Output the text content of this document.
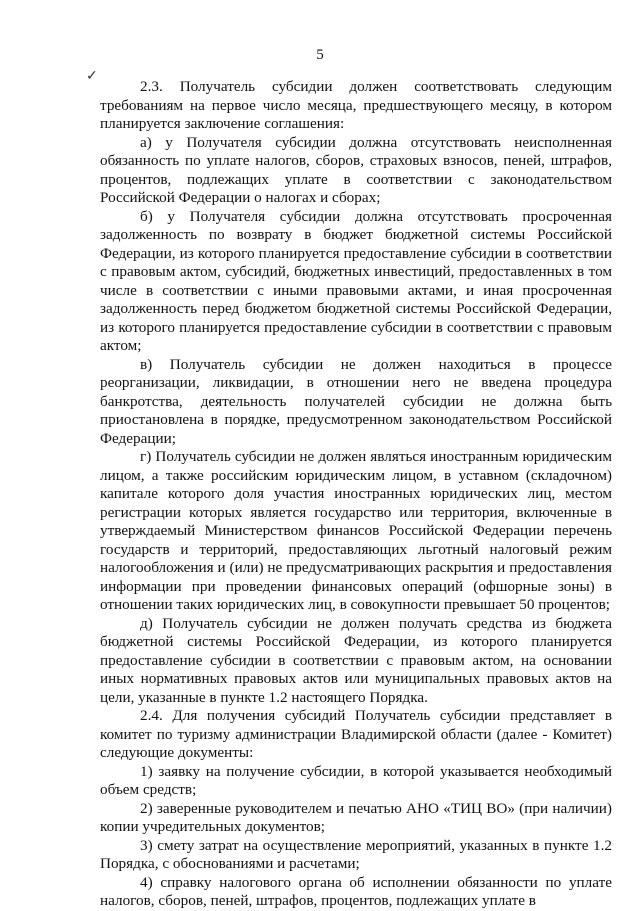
5
✓

2.3. Получатель субсидии должен соответствовать следующим требованиям на первое число месяца, предшествующего месяцу, в котором планируется заключение соглашения:

а) у Получателя субсидии должна отсутствовать неисполненная обязанность по уплате налогов, сборов, страховых взносов, пеней, штрафов, процентов, подлежащих уплате в соответствии с законодательством Российской Федерации о налогах и сборах;

б) у Получателя субсидии должна отсутствовать просроченная задолженность по возврату в бюджет бюджетной системы Российской Федерации, из которого планируется предоставление субсидии в соответствии с правовым актом, субсидий, бюджетных инвестиций, предоставленных в том числе в соответствии с иными правовыми актами, и иная просроченная задолженность перед бюджетом бюджетной системы Российской Федерации, из которого планируется предоставление субсидии в соответствии с правовым актом;

в) Получатель субсидии не должен находиться в процессе реорганизации, ликвидации, в отношении него не введена процедура банкротства, деятельность получателей субсидии не должна быть приостановлена в порядке, предусмотренном законодательством Российской Федерации;

г) Получатель субсидии не должен являться иностранным юридическим лицом, а также российским юридическим лицом, в уставном (складочном) капитале которого доля участия иностранных юридических лиц, местом регистрации которых является государство или территория, включенные в утверждаемый Министерством финансов Российской Федерации перечень государств и территорий, предоставляющих льготный налоговый режим налогообложения и (или) не предусматривающих раскрытия и предоставления информации при проведении финансовых операций (офшорные зоны) в отношении таких юридических лиц, в совокупности превышает 50 процентов;

д) Получатель субсидии не должен получать средства из бюджета бюджетной системы Российской Федерации, из которого планируется предоставление субсидии в соответствии с правовым актом, на основании иных нормативных правовых актов или муниципальных правовых актов на цели, указанные в пункте 1.2 настоящего Порядка.

2.4. Для получения субсидий Получатель субсидии представляет в комитет по туризму администрации Владимирской области (далее - Комитет) следующие документы:

1) заявку на получение субсидии, в которой указывается необходимый объем средств;

2) заверенные руководителем и печатью АНО «ТИЦ ВО» (при наличии) копии учредительных документов;

3) смету затрат на осуществление мероприятий, указанных в пункте 1.2 Порядка, с обоснованиями и расчетами;

4) справку налогового органа об исполнении обязанности по уплате налогов, сборов, пеней, штрафов, процентов, подлежащих уплате в
